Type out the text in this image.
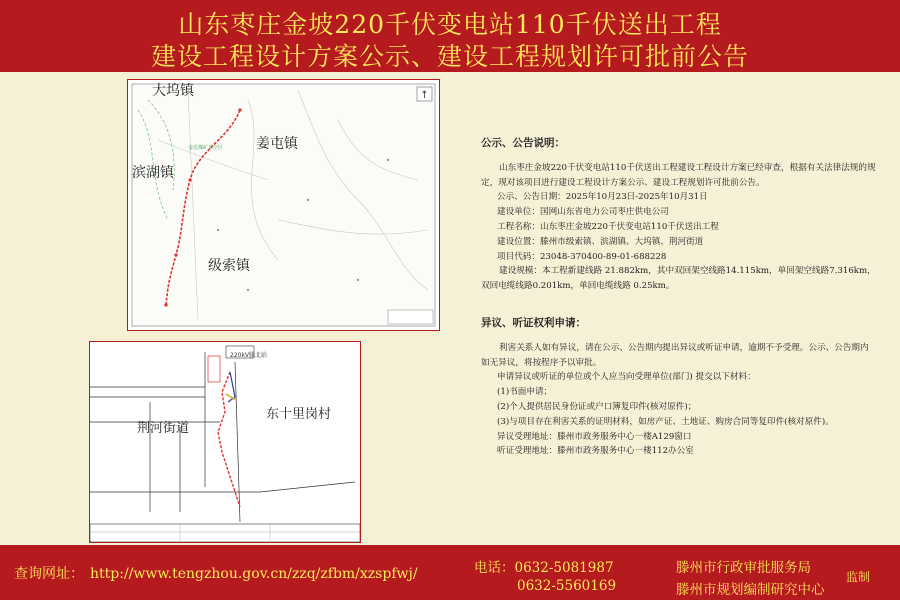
山东枣庄金坡220千伏变电站110千伏送出工程
建设工程设计方案公示、建设工程规划许可批前公告
↑
大坞镇
姜屯镇
滨湖镇
级索镇
金达煤矿采空区
荆河街道
东十里岗村
220kV滕北站
公示、公告说明：

山东枣庄金坡220千伏变电站110千伏送出工程建设工程设计方案已经审查，根据有关法律法规的规定，现对该项目进行建设工程设计方案公示、建设工程规划许可批前公告。

公示、公告日期：2025年10月23日-2025年10月31日

建设单位：国网山东省电力公司枣庄供电公司

工程名称：山东枣庄金坡220千伏变电站110千伏送出工程

建设位置：滕州市级索镇、滨湖镇、大坞镇、荆河街道

项目代码：23048-370400-89-01-688228

建设规模：本工程新建线路 21.882km，其中双回架空线路14.115km，单回架空线路7.316km，双回电缆线路0.201km，单回电缆线路 0.25km。

异议、听证权利申请：

利害关系人如有异议，请在公示、公告期内提出异议或听证申请，逾期不予受理。公示、公告期内如无异议，将按程序予以审批。

申请异议或听证的单位或个人应当向受理单位(部门) 提交以下材料：

(1)书面申请；

(2)个人提供居民身份证或户口簿复印件(核对原件)；

(3)与项目存在利害关系的证明材料，如房产证、土地证、购房合同等复印件(核对原件)。

异议受理地址：滕州市政务服务中心一楼A129窗口

听证受理地址：滕州市政务服务中心一楼112办公室

查询网址： http://www.tengzhou.gov.cn/zzq/zfbm/xzspfwj/	电话：0632-5081987
0632-5560169
滕州市行政审批服务局
滕州市规划编制研究中心
监制
